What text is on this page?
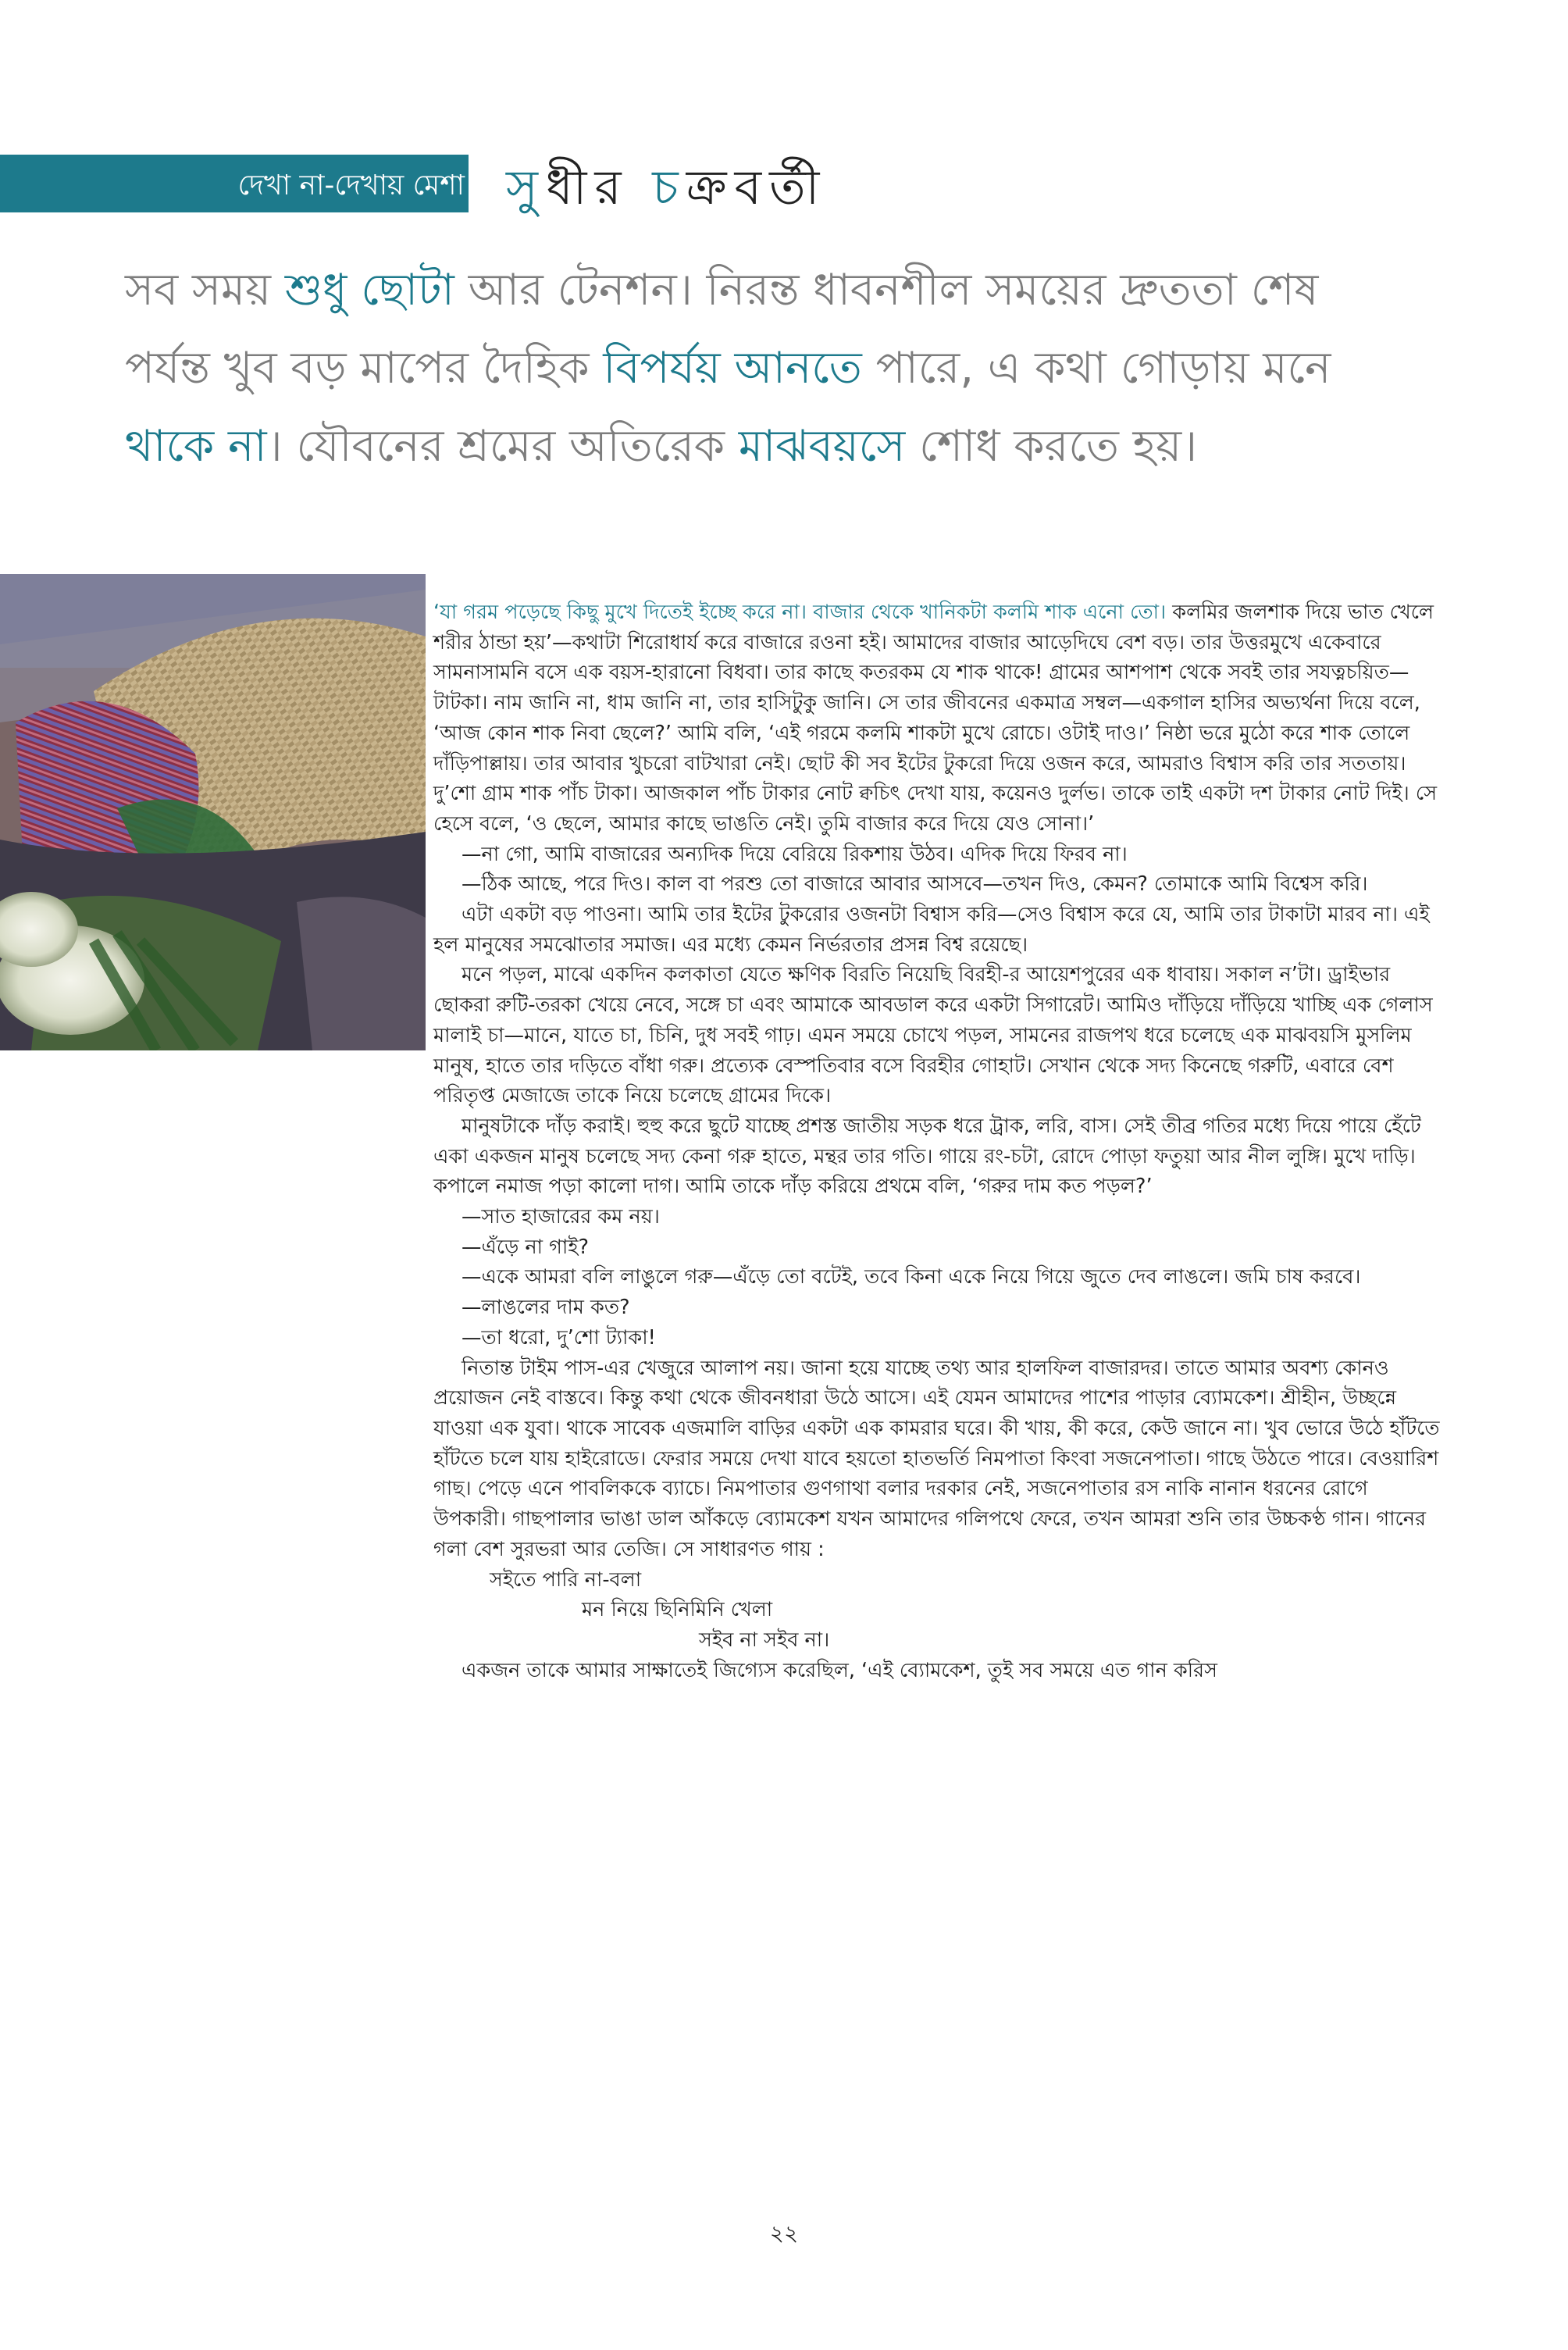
দেখা না-দেখায় মেশা সুধীর চক্রবর্তী

সব সময় শুধু ছোটা আর টেনশন। নিরন্ত ধাবনশীল সময়ের দ্রুততা শেষ পর্যন্ত খুব বড় মাপের দৈহিক বিপর্যয় আনতে পারে, এ কথা গোড়ায় মনে থাকে না। যৌবনের শ্রমের অতিরেক মাঝবয়সে শোধ করতে হয়।

‘যা গরম পড়েছে কিছু মুখে দিতেই ইচ্ছে করে না। বাজার থেকে খানিকটা কলমি শাক এনো তো। কলমির জলশাক দিয়ে ভাত খেলে শরীর ঠান্ডা হয়’—কথাটা শিরোধার্য করে বাজারে রওনা হই। আমাদের বাজার আড়েদিঘে বেশ বড়। তার উত্তরমুখে একেবারে সামনাসামনি বসে এক বয়স-হারানো বিধবা। তার কাছে কতরকম যে শাক থাকে! গ্রামের আশপাশ থেকে সবই তার সযত্নচয়িত—টাটকা। নাম জানি না, ধাম জানি না, তার হাসিটুকু জানি। সে তার জীবনের একমাত্র সম্বল—একগাল হাসির অভ্যর্থনা দিয়ে বলে, ‘আজ কোন শাক নিবা ছেলে?’ আমি বলি, ‘এই গরমে কলমি শাকটা মুখে রোচে। ওটাই দাও।’ নিষ্ঠা ভরে মুঠো করে শাক তোলে দাঁড়িপাল্লায়। তার আবার খুচরো বাটখারা নেই। ছোট কী সব ইটের টুকরো দিয়ে ওজন করে, আমরাও বিশ্বাস করি তার সততায়। দু’শো গ্রাম শাক পাঁচ টাকা। আজকাল পাঁচ টাকার নোট ক্বচিৎ দেখা যায়, কয়েনও দুর্লভ। তাকে তাই একটা দশ টাকার নোট দিই। সে হেসে বলে, ‘ও ছেলে, আমার কাছে ভাঙতি নেই। তুমি বাজার করে দিয়ে যেও সোনা।’

—না গো, আমি বাজারের অন্যদিক দিয়ে বেরিয়ে রিকশায় উঠব। এদিক দিয়ে ফিরব না।

—ঠিক আছে, পরে দিও। কাল বা পরশু তো বাজারে আবার আসবে—তখন দিও, কেমন? তোমাকে আমি বিশ্বেস করি।

এটা একটা বড় পাওনা। আমি তার ইটের টুকরোর ওজনটা বিশ্বাস করি—সেও বিশ্বাস করে যে, আমি তার টাকাটা মারব না। এই হল মানুষের সমঝোতার সমাজ। এর মধ্যে কেমন নির্ভরতার প্রসন্ন বিশ্ব রয়েছে।

মনে পড়ল, মাঝে একদিন কলকাতা যেতে ক্ষণিক বিরতি নিয়েছি বিরহী-র আয়েশপুরের এক ধাবায়। সকাল ন’টা। ড্রাইভার ছোকরা রুটি-তরকা খেয়ে নেবে, সঙ্গে চা এবং আমাকে আবডাল করে একটা সিগারেট। আমিও দাঁড়িয়ে দাঁড়িয়ে খাচ্ছি এক গেলাস মালাই চা—মানে, যাতে চা, চিনি, দুধ সবই গাঢ়। এমন সময়ে চোখে পড়ল, সামনের রাজপথ ধরে চলেছে এক মাঝবয়সি মুসলিম মানুষ, হাতে তার দড়িতে বাঁধা গরু। প্রত্যেক বেস্পতিবার বসে বিরহীর গোহাট। সেখান থেকে সদ্য কিনেছে গরুটি, এবারে বেশ পরিতৃপ্ত মেজাজে তাকে নিয়ে চলেছে গ্রামের দিকে।

মানুষটাকে দাঁড় করাই। হুহু করে ছুটে যাচ্ছে প্রশস্ত জাতীয় সড়ক ধরে ট্রাক, লরি, বাস। সেই তীব্র গতির মধ্যে দিয়ে পায়ে হেঁটে একা একজন মানুষ চলেছে সদ্য কেনা গরু হাতে, মন্থর তার গতি। গায়ে রং-চটা, রোদে পোড়া ফতুয়া আর নীল লুঙ্গি। মুখে দাড়ি। কপালে নমাজ পড়া কালো দাগ। আমি তাকে দাঁড় করিয়ে প্রথমে বলি, ‘গরুর দাম কত পড়ল?’

—সাত হাজারের কম নয়।

—এঁড়ে না গাই?

—একে আমরা বলি লাঙুলে গরু—এঁড়ে তো বটেই, তবে কিনা একে নিয়ে গিয়ে জুতে দেব লাঙলে। জমি চাষ করবে।

—লাঙলের দাম কত?

—তা ধরো, দু’শো ট্যাকা!

নিতান্ত টাইম পাস-এর খেজুরে আলাপ নয়। জানা হয়ে যাচ্ছে তথ্য আর হালফিল বাজারদর। তাতে আমার অবশ্য কোনও প্রয়োজন নেই বাস্তবে। কিন্তু কথা থেকে জীবনধারা উঠে আসে। এই যেমন আমাদের পাশের পাড়ার ব্যোমকেশ। শ্রীহীন, উচ্ছন্নে যাওয়া এক যুবা। থাকে সাবেক এজমালি বাড়ির একটা এক কামরার ঘরে। কী খায়, কী করে, কেউ জানে না। খুব ভোরে উঠে হাঁটতে হাঁটতে চলে যায় হাইরোডে। ফেরার সময়ে দেখা যাবে হয়তো হাতভর্তি নিমপাতা কিংবা সজনেপাতা। গাছে উঠতে পারে। বেওয়ারিশ গাছ। পেড়ে এনে পাবলিককে ব্যাচে। নিমপাতার গুণগাথা বলার দরকার নেই, সজনেপাতার রস নাকি নানান ধরনের রোগে উপকারী। গাছপালার ভাঙা ডাল আঁকড়ে ব্যোমকেশ যখন আমাদের গলিপথে ফেরে, তখন আমরা শুনি তার উচ্চকণ্ঠ গান। গানের গলা বেশ সুরভরা আর তেজি। সে সাধারণত গায় :

সইতে পারি না-বলা
মন নিয়ে ছিনিমিনি খেলা
সইব না সইব না।

একজন তাকে আমার সাক্ষাতেই জিগ্যেস করেছিল, ‘এই ব্যোমকেশ, তুই সব সময়ে এত গান করিস

২২
